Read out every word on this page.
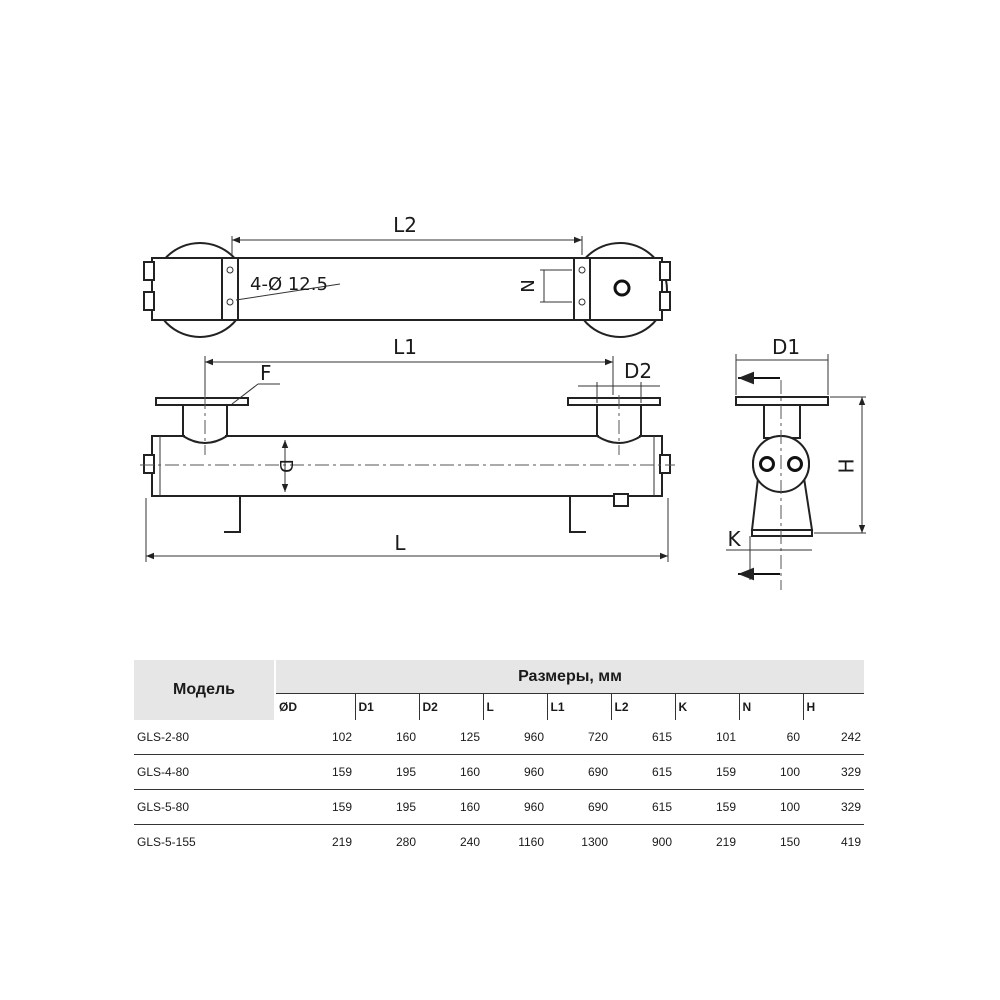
L2
4-Ø 12.5	N
D
L1
F	D2
L
D1
H
K
Модель	Размеры, мм								
	ØD	D1	D2	L	L1	L2	K	N	H
GLS-2-80	102	160	125	960	720	615	101	60	242
GLS-4-80	159	195	160	960	690	615	159	100	329
GLS-5-80	159	195	160	960	690	615	159	100	329
GLS-5-155	219	280	240	1160	1300	900	219	150	419
